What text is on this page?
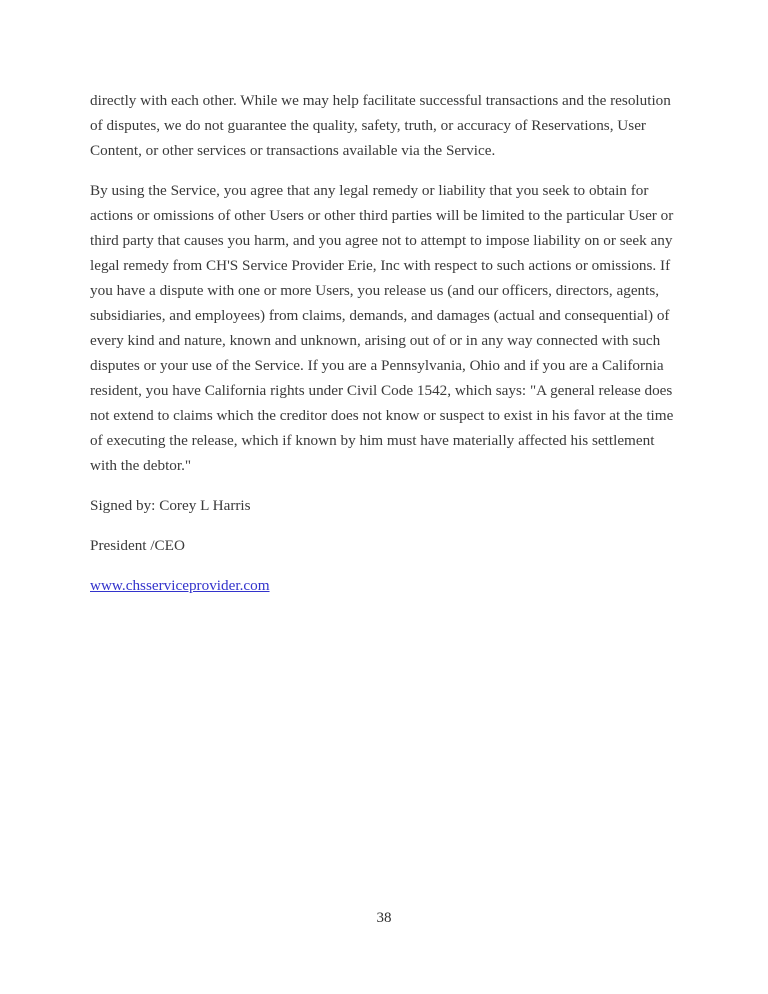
directly with each other. While we may help facilitate successful transactions and the resolution of disputes, we do not guarantee the quality, safety, truth, or accuracy of Reservations, User Content, or other services or transactions available via the Service.

By using the Service, you agree that any legal remedy or liability that you seek to obtain for actions or omissions of other Users or other third parties will be limited to the particular User or third party that causes you harm, and you agree not to attempt to impose liability on or seek any legal remedy from CH'S Service Provider Erie, Inc with respect to such actions or omissions. If you have a dispute with one or more Users, you release us (and our officers, directors, agents, subsidiaries, and employees) from claims, demands, and damages (actual and consequential) of every kind and nature, known and unknown, arising out of or in any way connected with such disputes or your use of the Service. If you are a Pennsylvania, Ohio and if you are a California resident, you have California rights under Civil Code 1542, which says: "A general release does not extend to claims which the creditor does not know or suspect to exist in his favor at the time of executing the release, which if known by him must have materially affected his settlement with the debtor."

Signed by: Corey L Harris

President /CEO

www.chsserviceprovider.com

38
